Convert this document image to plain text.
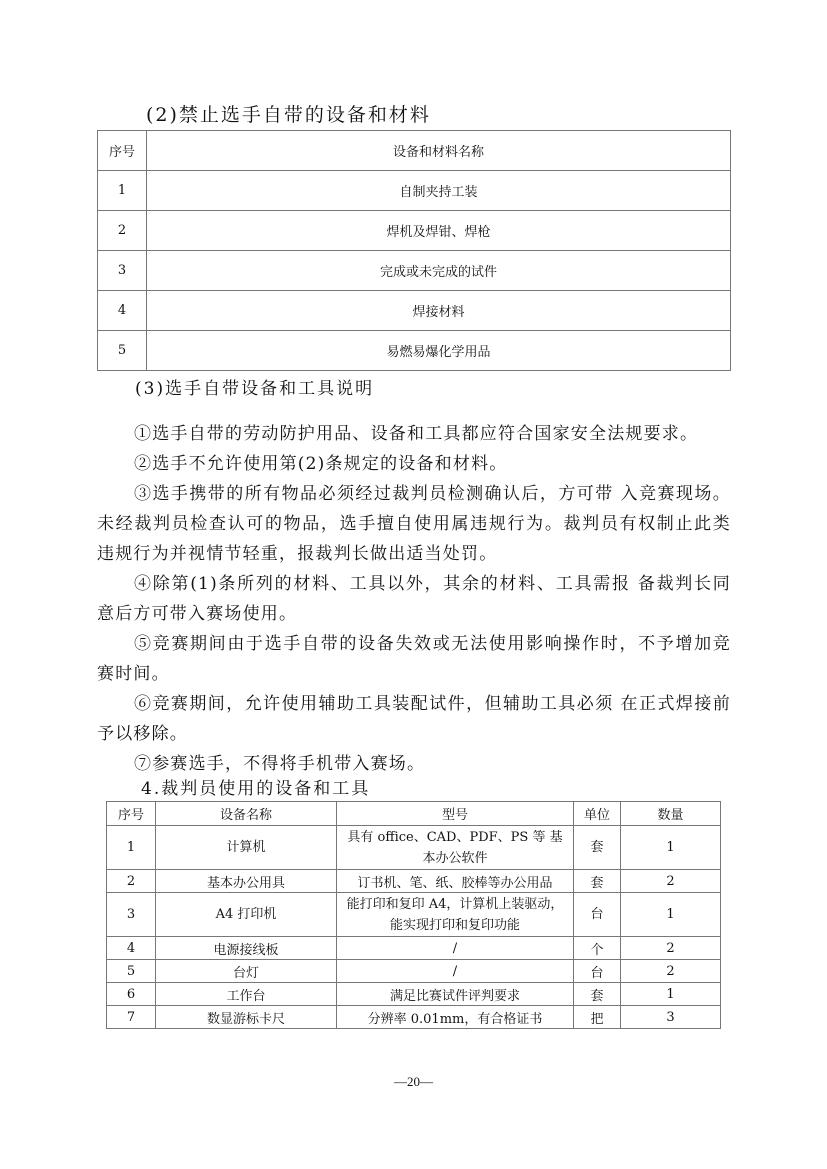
(2)禁止选手自带的设备和材料
序号	设备和材料名称
1	自制夹持工装
2	焊机及焊钳、焊枪
3	完成或未完成的试件
4	焊接材料
5	易燃易爆化学用品
(3)选手自带设备和工具说明

①选手自带的劳动防护用品、设备和工具都应符合国家安全法规要求。

②选手不允许使用第(2)条规定的设备和材料。

③选手携带的所有物品必须经过裁判员检测确认后，方可带 入竞赛现场。未经裁判员检查认可的物品，选手擅自使用属违规行为。裁判员有权制止此类违规行为并视情节轻重，报裁判长做出适当处罚。

④除第(1)条所列的材料、工具以外，其余的材料、工具需报 备裁判长同意后方可带入赛场使用。

⑤竞赛期间由于选手自带的设备失效或无法使用影响操作时，不予增加竞赛时间。

⑥竞赛期间，允许使用辅助工具装配试件，但辅助工具必须 在正式焊接前予以移除。

⑦参赛选手，不得将手机带入赛场。

4.裁判员使用的设备和工具
序号	设备名称	型号	单位	数量
1	计算机	具有 office、CAD、PDF、PS 等 基本办公软件	套	1
2	基本办公用具	订书机、笔、纸、胶棒等办公用品	套	2
3	A4 打印机	能打印和复印 A4，计算机上装驱动，能实现打印和复印功能	台	1
4	电源接线板	/	个	2
5	台灯	/	台	2
6	工作台	满足比赛试件评判要求	套	1
7	数显游标卡尺	分辨率 0.01mm，有合格证书	把	3
—20—
